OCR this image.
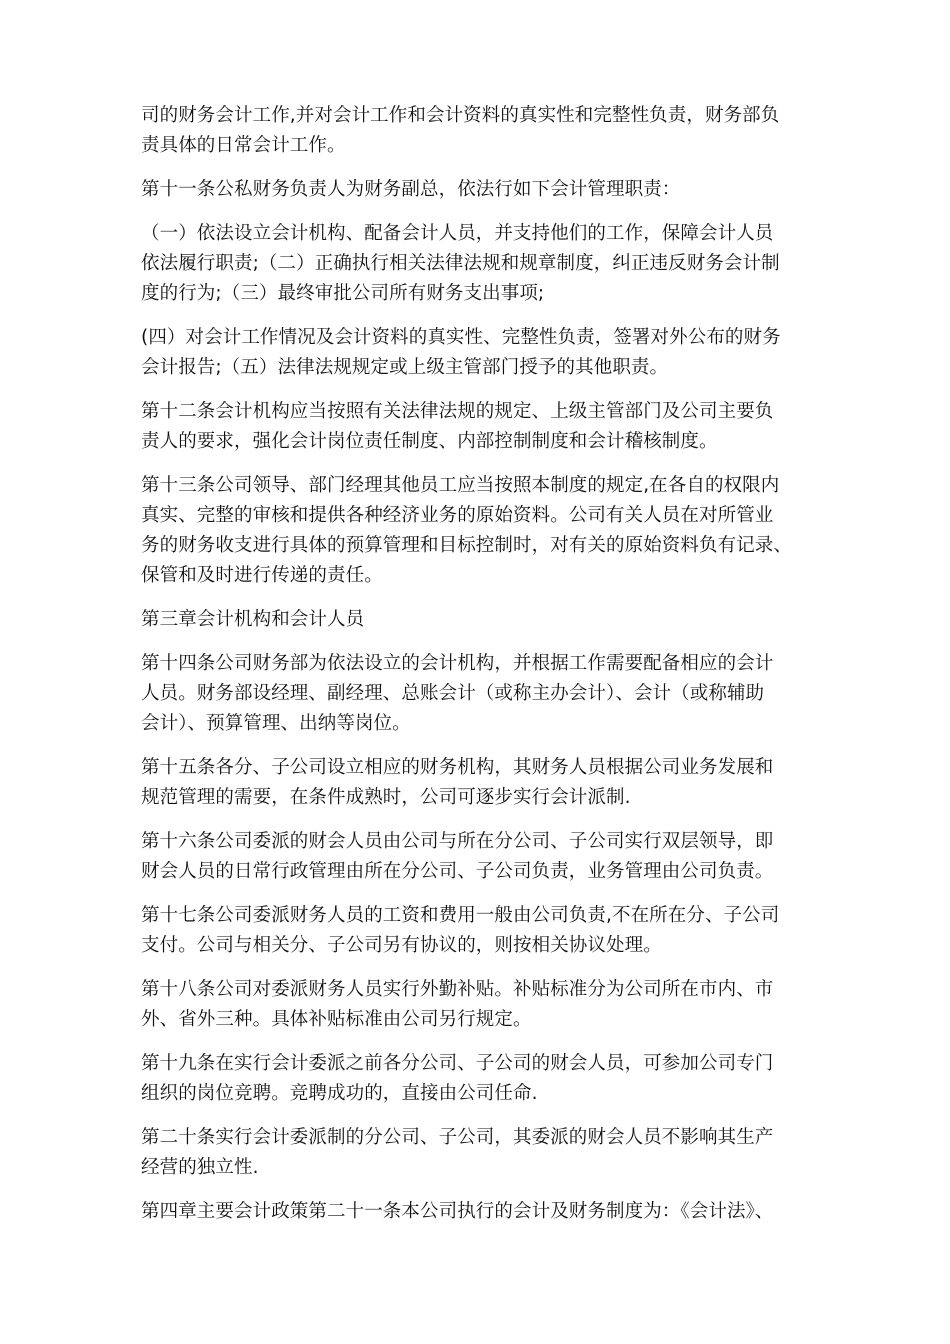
司的财务会计工作,并对会计工作和会计资料的真实性和完整性负责，财务部负
责具体的日常会计工作。

第十一条公私财务负责人为财务副总，依法行如下会计管理职责：

（一）依法设立会计机构、配备会计人员，并支持他们的工作，保障会计人员
依法履行职责;（二）正确执行相关法律法规和规章制度，纠正违反财务会计制
度的行为;（三）最终审批公司所有财务支出事项;

(四）对会计工作情况及会计资料的真实性、完整性负责，签署对外公布的财务
会计报告;（五）法律法规规定或上级主管部门授予的其他职责。

第十二条会计机构应当按照有关法律法规的规定、上级主管部门及公司主要负
责人的要求，强化会计岗位责任制度、内部控制制度和会计稽核制度。

第十三条公司领导、部门经理其他员工应当按照本制度的规定,在各自的权限内
真实、完整的审核和提供各种经济业务的原始资料。公司有关人员在对所管业
务的财务收支进行具体的预算管理和目标控制时，对有关的原始资料负有记录、
保管和及时进行传递的责任。

第三章会计机构和会计人员

第十四条公司财务部为依法设立的会计机构，并根据工作需要配备相应的会计
人员。财务部设经理、副经理、总账会计（或称主办会计）、会计（或称辅助
会计）、预算管理、出纳等岗位。

第十五条各分、子公司设立相应的财务机构，其财务人员根据公司业务发展和
规范管理的需要，在条件成熟时，公司可逐步实行会计派制.

第十六条公司委派的财会人员由公司与所在分公司、子公司实行双层领导，即
财会人员的日常行政管理由所在分公司、子公司负责，业务管理由公司负责。

第十七条公司委派财务人员的工资和费用一般由公司负责,不在所在分、子公司
支付。公司与相关分、子公司另有协议的，则按相关协议处理。

第十八条公司对委派财务人员实行外勤补贴。补贴标准分为公司所在市内、市
外、省外三种。具体补贴标准由公司另行规定。

第十九条在实行会计委派之前各分公司、子公司的财会人员，可参加公司专门
组织的岗位竞聘。竞聘成功的，直接由公司任命.

第二十条实行会计委派制的分公司、子公司，其委派的财会人员不影响其生产
经营的独立性.

第四章主要会计政策第二十一条本公司执行的会计及财务制度为：《会计法》、
